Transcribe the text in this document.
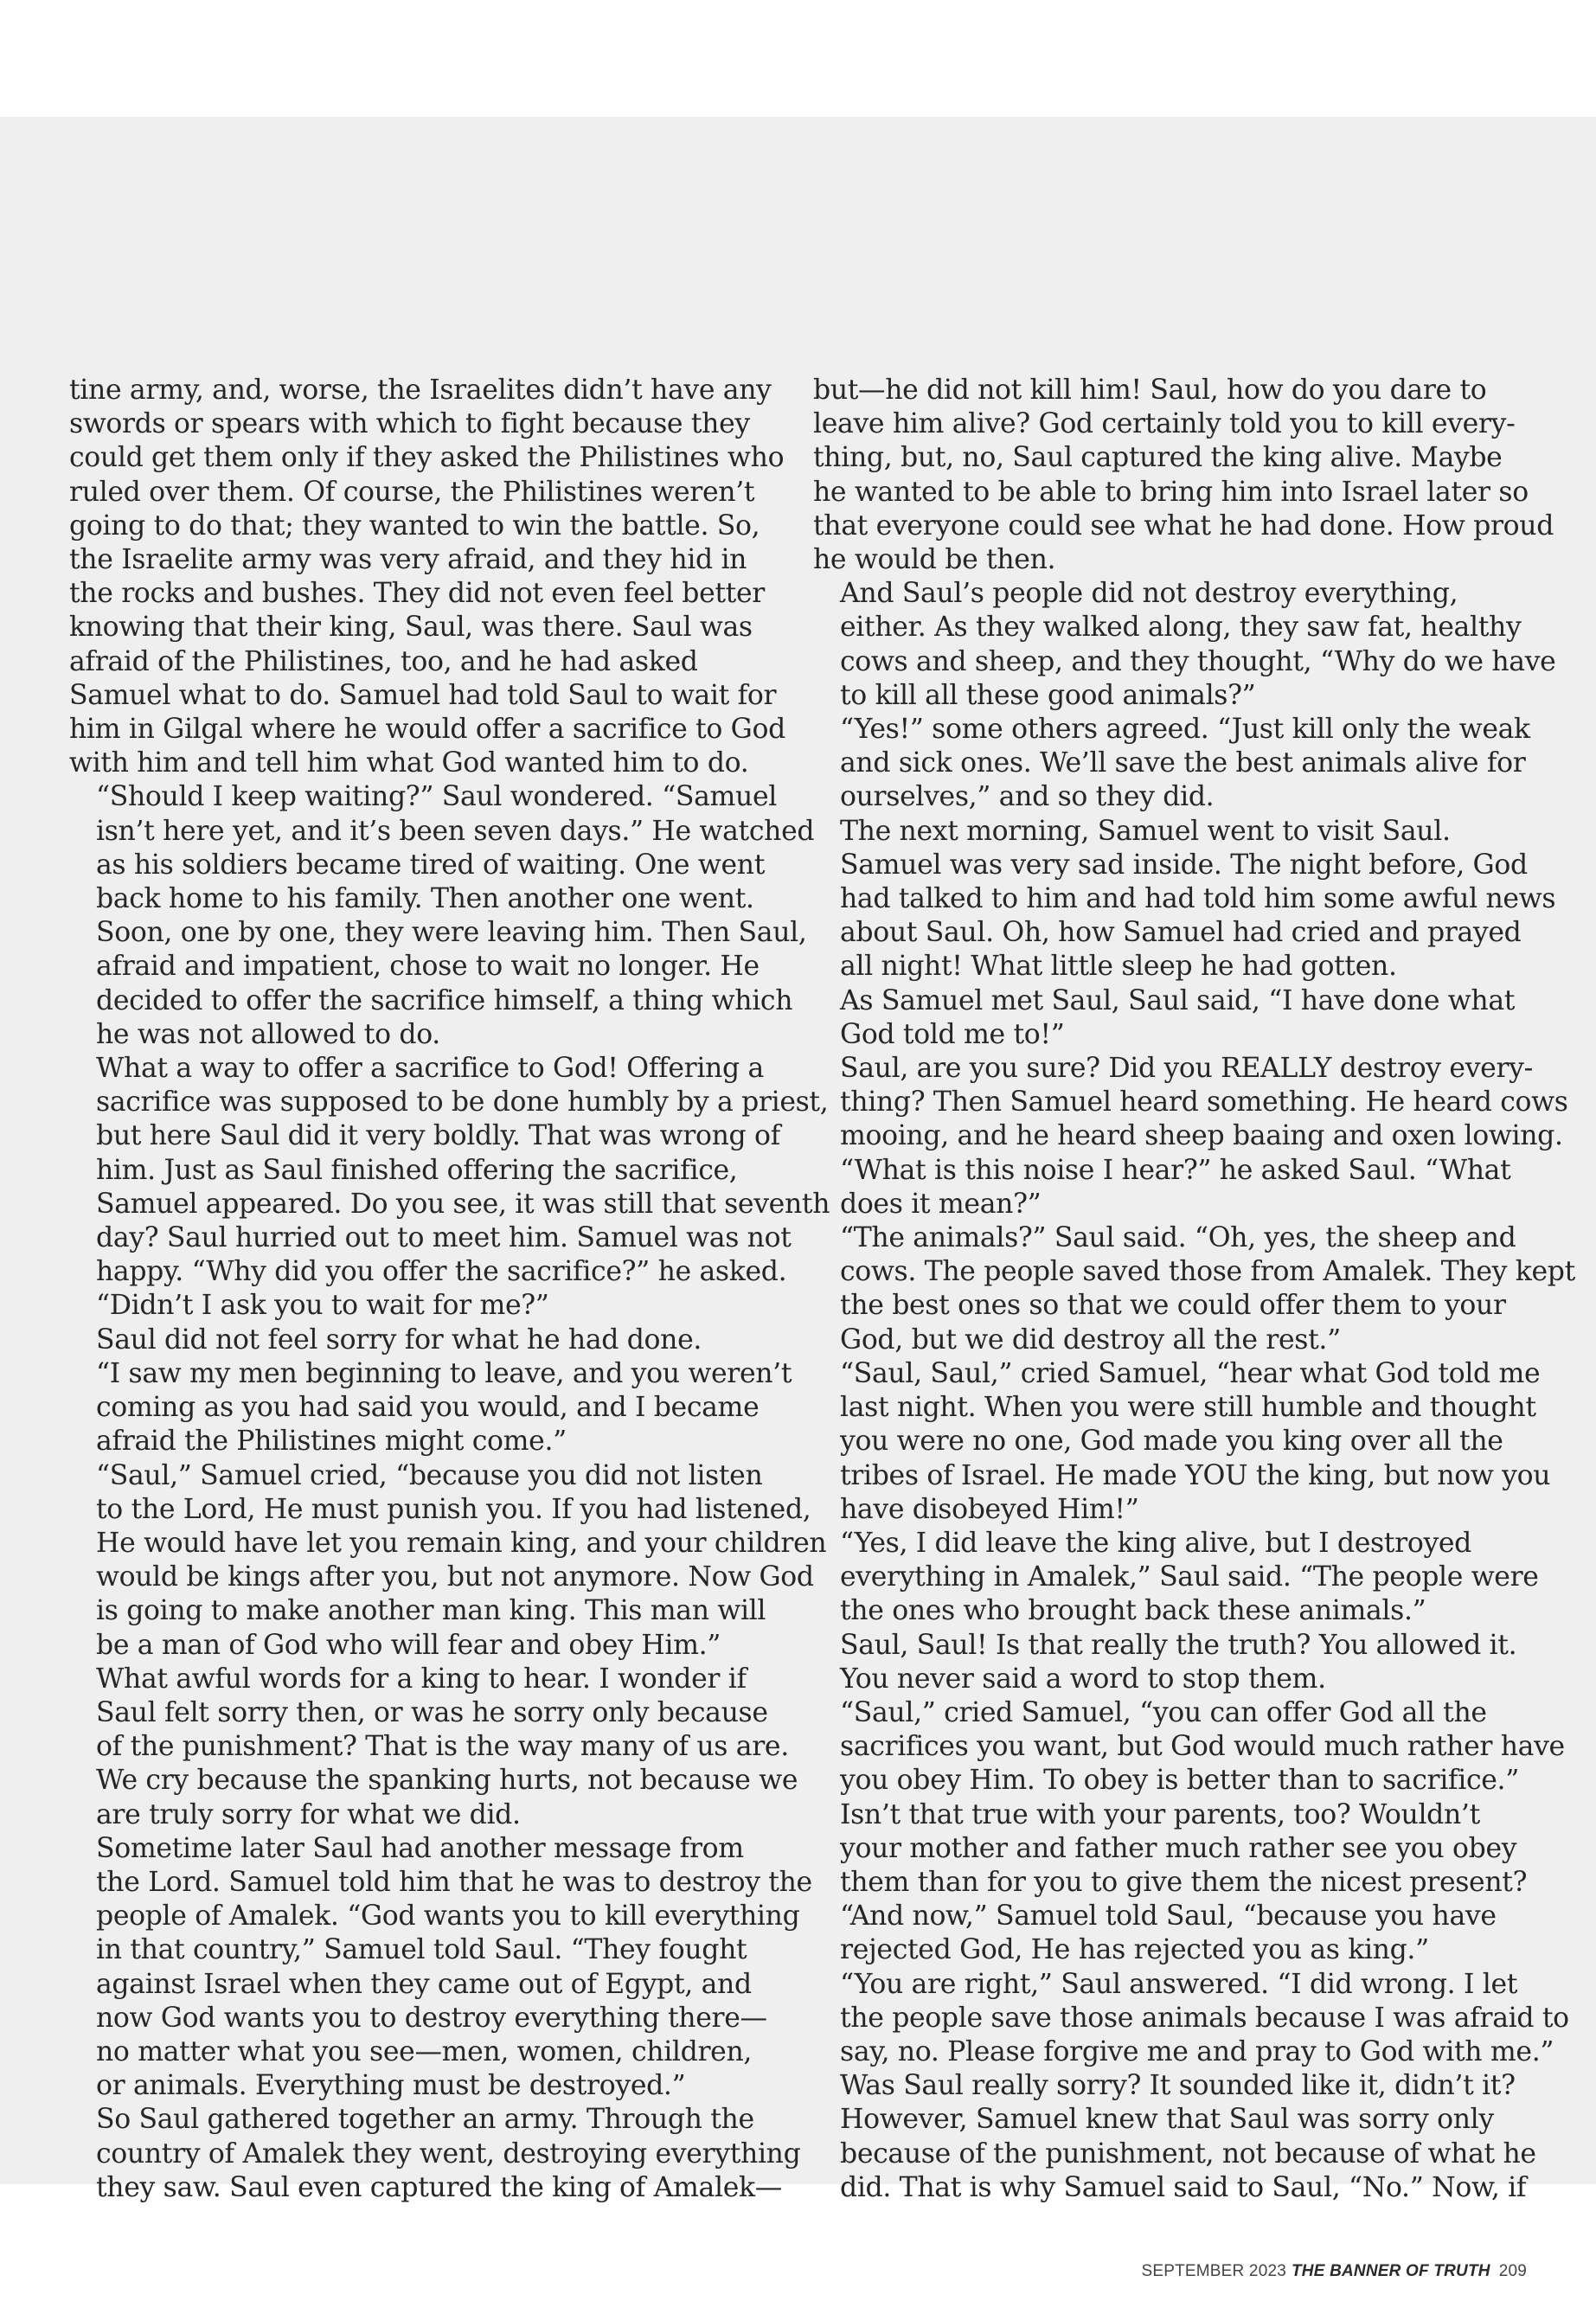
tine army, and, worse, the Israelites didn’t have any
swords or spears with which to fight because they
could get them only if they asked the Philistines who
ruled over them. Of course, the Philistines weren’t
going to do that; they wanted to win the battle. So,
the Israelite army was very afraid, and they hid in
the rocks and bushes. They did not even feel better
knowing that their king, Saul, was there. Saul was
afraid of the Philistines, too, and he had asked
Samuel what to do. Samuel had told Saul to wait for
him in Gilgal where he would offer a sacrifice to God
with him and tell him what God wanted him to do.

“Should I keep waiting?” Saul wondered. “Samuel
isn’t here yet, and it’s been seven days.” He watched
as his soldiers became tired of waiting. One went
back home to his family. Then another one went.
Soon, one by one, they were leaving him. Then Saul,
afraid and impatient, chose to wait no longer. He
decided to offer the sacrifice himself, a thing which
he was not allowed to do.

What a way to offer a sacrifice to God! Offering a
sacrifice was supposed to be done humbly by a priest,
but here Saul did it very boldly. That was wrong of
him. Just as Saul finished offering the sacrifice,
Samuel appeared. Do you see, it was still that seventh
day? Saul hurried out to meet him. Samuel was not
happy. “Why did you offer the sacrifice?” he asked.
“Didn’t I ask you to wait for me?”

Saul did not feel sorry for what he had done.
“I saw my men beginning to leave, and you weren’t
coming as you had said you would, and I became
afraid the Philistines might come.”

“Saul,” Samuel cried, “because you did not listen
to the Lord, He must punish you. If you had listened,
He would have let you remain king, and your children
would be kings after you, but not anymore. Now God
is going to make another man king. This man will
be a man of God who will fear and obey Him.”

What awful words for a king to hear. I wonder if
Saul felt sorry then, or was he sorry only because
of the punishment? That is the way many of us are.
We cry because the spanking hurts, not because we
are truly sorry for what we did.

Sometime later Saul had another message from
the Lord. Samuel told him that he was to destroy the
people of Amalek. “God wants you to kill everything
in that country,” Samuel told Saul. “They fought
against Israel when they came out of Egypt, and
now God wants you to destroy everything there—
no matter what you see—men, women, children,
or animals. Everything must be destroyed.”

So Saul gathered together an army. Through the
country of Amalek they went, destroying everything
they saw. Saul even captured the king of Amalek—

but—he did not kill him! Saul, how do you dare to
leave him alive? God certainly told you to kill every-
thing, but, no, Saul captured the king alive. Maybe
he wanted to be able to bring him into Israel later so
that everyone could see what he had done. How proud
he would be then.

And Saul’s people did not destroy everything,
either. As they walked along, they saw fat, healthy
cows and sheep, and they thought, “Why do we have
to kill all these good animals?”

“Yes!” some others agreed. “Just kill only the weak
and sick ones. We’ll save the best animals alive for
ourselves,” and so they did.

The next morning, Samuel went to visit Saul.
Samuel was very sad inside. The night before, God
had talked to him and had told him some awful news
about Saul. Oh, how Samuel had cried and prayed
all night! What little sleep he had gotten.

As Samuel met Saul, Saul said, “I have done what
God told me to!”

Saul, are you sure? Did you REALLY destroy every-
thing? Then Samuel heard something. He heard cows
mooing, and he heard sheep baaing and oxen lowing.

“What is this noise I hear?” he asked Saul. “What
does it mean?”

“The animals?” Saul said. “Oh, yes, the sheep and
cows. The people saved those from Amalek. They kept
the best ones so that we could offer them to your
God, but we did destroy all the rest.”

“Saul, Saul,” cried Samuel, “hear what God told me
last night. When you were still humble and thought
you were no one, God made you king over all the
tribes of Israel. He made YOU the king, but now you
have disobeyed Him!”

“Yes, I did leave the king alive, but I destroyed
everything in Amalek,” Saul said. “The people were
the ones who brought back these animals.”

Saul, Saul! Is that really the truth? You allowed it.
You never said a word to stop them.

“Saul,” cried Samuel, “you can offer God all the
sacrifices you want, but God would much rather have
you obey Him. To obey is better than to sacrifice.”

Isn’t that true with your parents, too? Wouldn’t
your mother and father much rather see you obey
them than for you to give them the nicest present?

“And now,” Samuel told Saul, “because you have
rejected God, He has rejected you as king.”

“You are right,” Saul answered. “I did wrong. I let
the people save those animals because I was afraid to
say, no. Please forgive me and pray to God with me.”

Was Saul really sorry? It sounded like it, didn’t it?
However, Samuel knew that Saul was sorry only
because of the punishment, not because of what he
did. That is why Samuel said to Saul, “No.” Now, if

SEPTEMBER 2023 THE BANNER OF TRUTH 209
